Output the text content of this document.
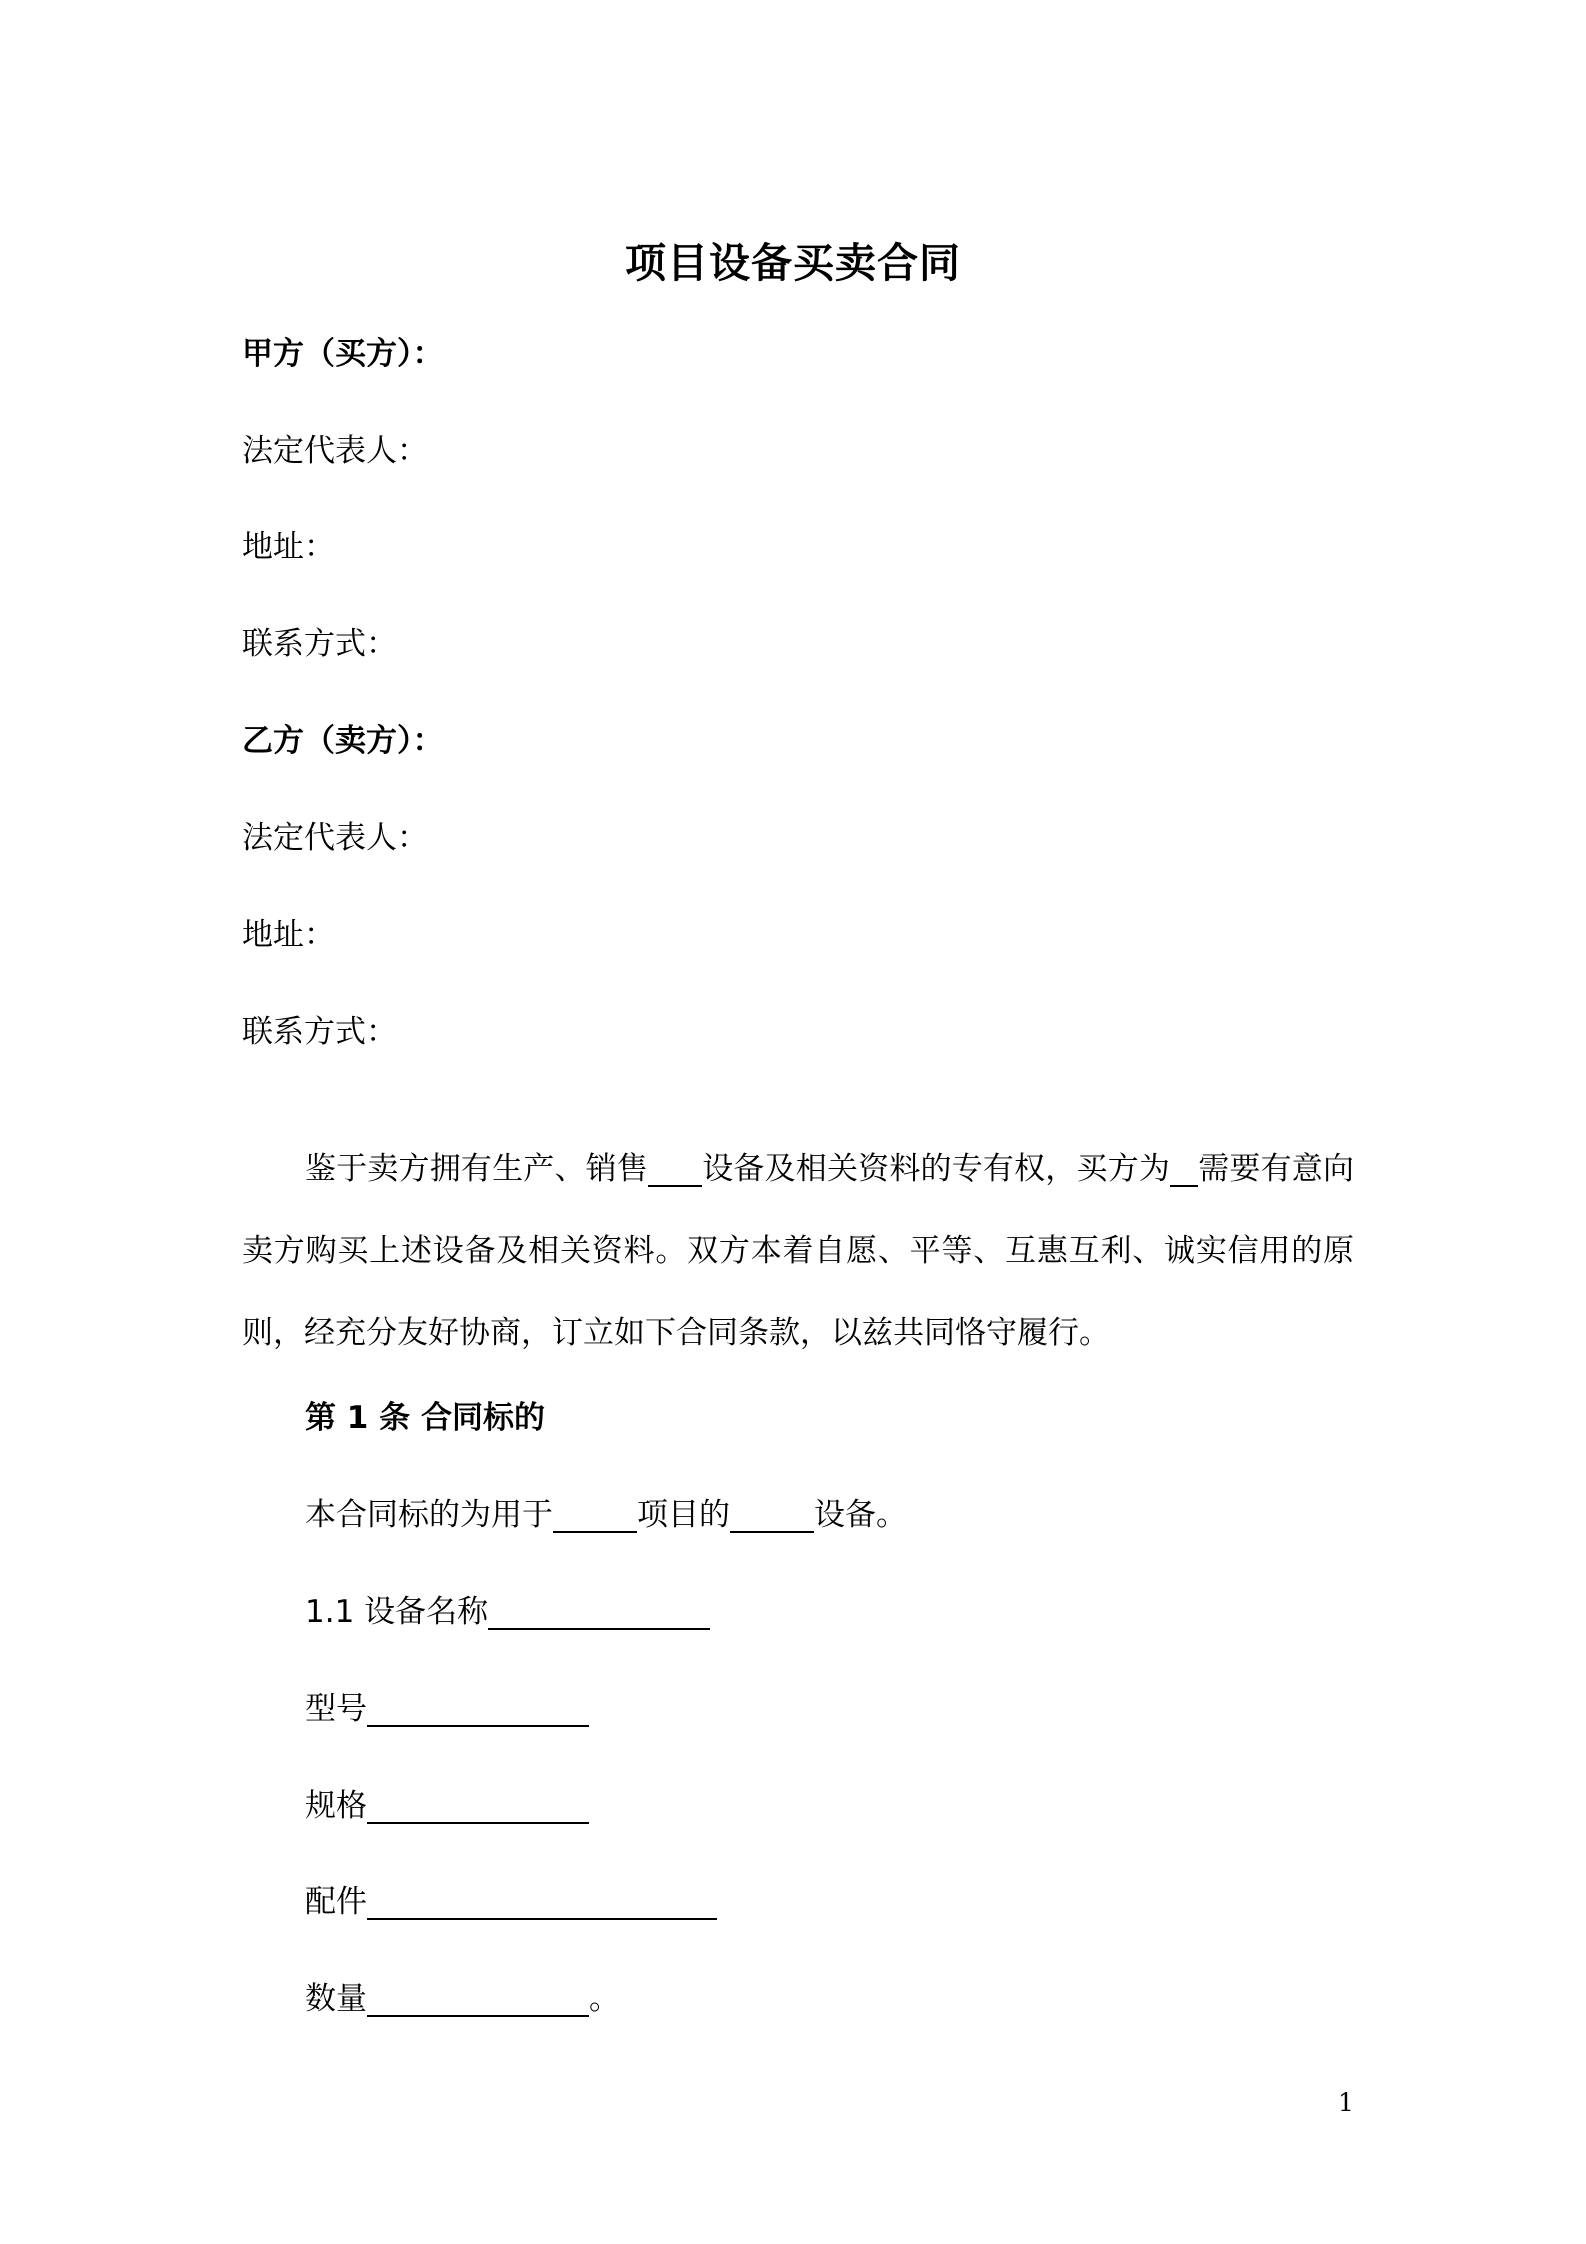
项目设备买卖合同
甲方（买方）：
法定代表人：
地址：
联系方式：
乙方（卖方）：
法定代表人：
地址：
联系方式：
鉴于卖方拥有生产、销售 设备及相关资料的专有权，买方为 需要有意向卖方购买上述设备及相关资料。双方本着自愿、平等、互惠互利、诚实信用的原则，经充分友好协商，订立如下合同条款，以兹共同恪守履行。
第 1 条 合同标的
本合同标的为用于	项目的	设备。
1.1 设备名称
型号
规格
配件
数量	。
1
